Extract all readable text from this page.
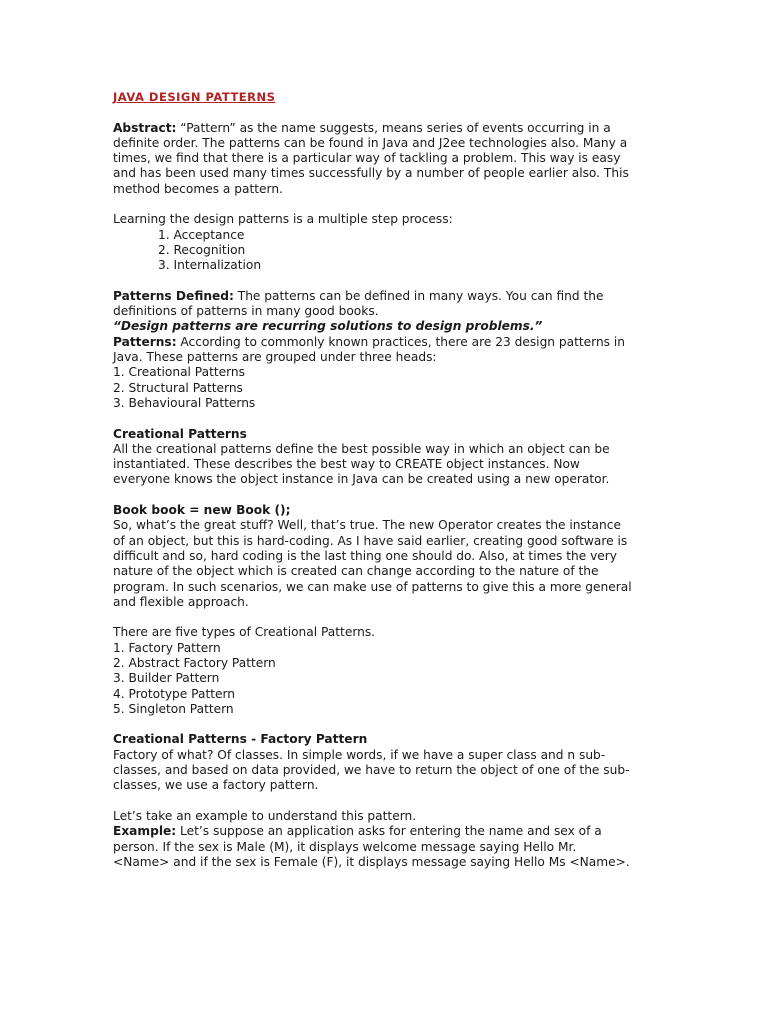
JAVA DESIGN PATTERNS

Abstract: “Pattern” as the name suggests, means series of events occurring in a definite order. The patterns can be found in Java and J2ee technologies also. Many a times, we find that there is a particular way of tackling a problem. This way is easy and has been used many times successfully by a number of people earlier also. This method becomes a pattern.

Learning the design patterns is a multiple step process:

1. Acceptance

2. Recognition

3. Internalization

Patterns Defined: The patterns can be defined in many ways. You can find the definitions of patterns in many good books.

“Design patterns are recurring solutions to design problems.”

Patterns: According to commonly known practices, there are 23 design patterns in Java. These patterns are grouped under three heads:

1. Creational Patterns

2. Structural Patterns

3. Behavioural Patterns

Creational Patterns

All the creational patterns define the best possible way in which an object can be instantiated. These describes the best way to CREATE object instances. Now everyone knows the object instance in Java can be created using a new operator.

Book book = new Book ();

So, what’s the great stuff? Well, that’s true. The new Operator creates the instance of an object, but this is hard-coding. As I have said earlier, creating good software is difficult and so, hard coding is the last thing one should do. Also, at times the very nature of the object which is created can change according to the nature of the program. In such scenarios, we can make use of patterns to give this a more general and flexible approach.

There are five types of Creational Patterns.

1. Factory Pattern

2. Abstract Factory Pattern

3. Builder Pattern

4. Prototype Pattern

5. Singleton Pattern

Creational Patterns - Factory Pattern

Factory of what? Of classes. In simple words, if we have a super class and n sub-classes, and based on data provided, we have to return the object of one of the sub-classes, we use a factory pattern.

Let’s take an example to understand this pattern.

Example: Let’s suppose an application asks for entering the name and sex of a person. If the sex is Male (M), it displays welcome message saying Hello Mr. <Name> and if the sex is Female (F), it displays message saying Hello Ms <Name>.
